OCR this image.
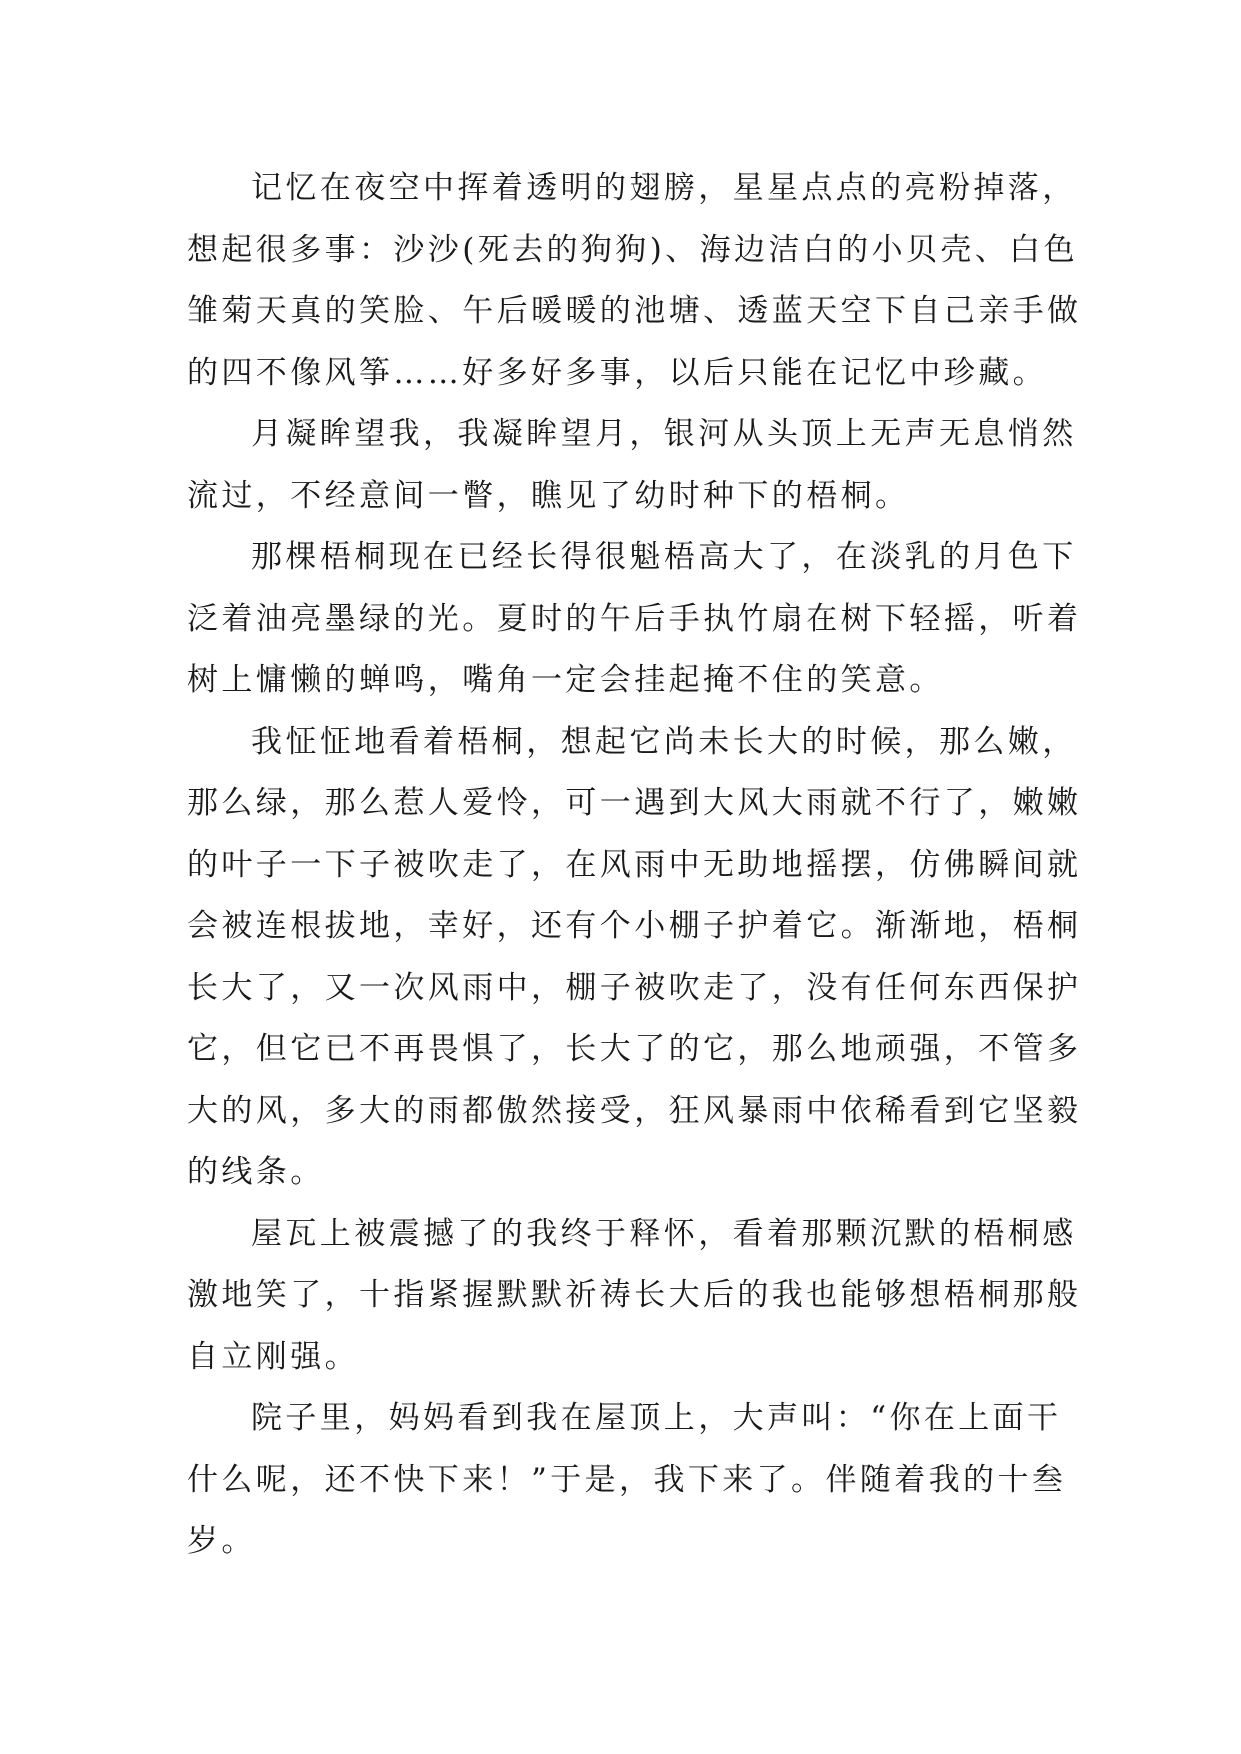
记忆在夜空中挥着透明的翅膀，星星点点的亮粉掉落，
想起很多事：沙沙(死去的狗狗)、海边洁白的小贝壳、白色
雏菊天真的笑脸、午后暖暖的池塘、透蓝天空下自己亲手做
的四不像风筝……好多好多事，以后只能在记忆中珍藏。
月凝眸望我，我凝眸望月，银河从头顶上无声无息悄然
流过，不经意间一瞥，瞧见了幼时种下的梧桐。
那棵梧桐现在已经长得很魁梧高大了，在淡乳的月色下
泛着油亮墨绿的光。夏时的午后手执竹扇在树下轻摇，听着
树上慵懒的蝉鸣，嘴角一定会挂起掩不住的笑意。
我怔怔地看着梧桐，想起它尚未长大的时候，那么嫩，
那么绿，那么惹人爱怜，可一遇到大风大雨就不行了，嫩嫩
的叶子一下子被吹走了，在风雨中无助地摇摆，仿佛瞬间就
会被连根拔地，幸好，还有个小棚子护着它。渐渐地，梧桐
长大了，又一次风雨中，棚子被吹走了，没有任何东西保护
它，但它已不再畏惧了，长大了的它，那么地顽强，不管多
大的风，多大的雨都傲然接受，狂风暴雨中依稀看到它坚毅
的线条。
屋瓦上被震撼了的我终于释怀，看着那颗沉默的梧桐感
激地笑了，十指紧握默默祈祷长大后的我也能够想梧桐那般
自立刚强。
院子里，妈妈看到我在屋顶上，大声叫：“你在上面干
什么呢，还不快下来！”于是，我下来了。伴随着我的十叁
岁。
